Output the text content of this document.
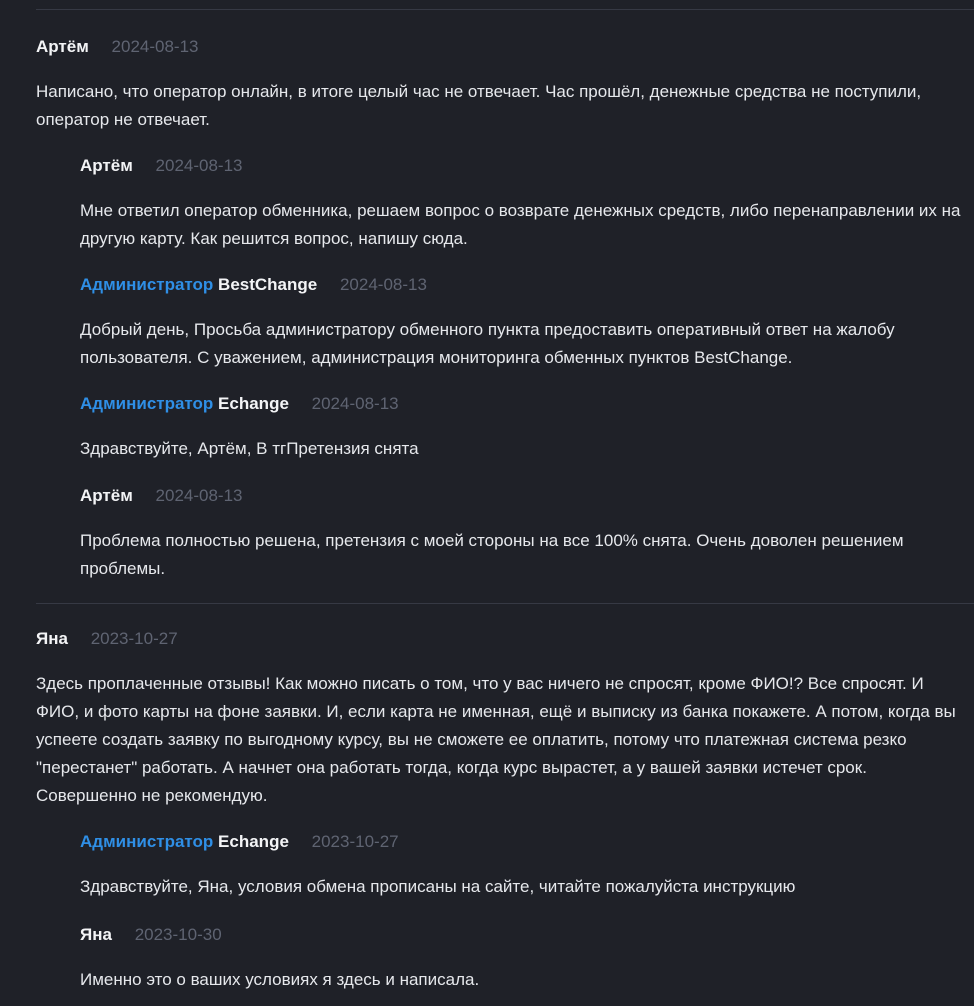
Артём 2024-08-13
Написано, что оператор онлайн, в итоге целый час не отвечает. Час прошёл, денежные средства не поступили, оператор не отвечает.
Артём 2024-08-13
Мне ответил оператор обменника, решаем вопрос о возврате денежных средств, либо перенаправлении их на другую карту. Как решится вопрос, напишу сюда.
Администратор BestChange 2024-08-13
Добрый день, Просьба администратору обменного пункта предоставить оперативный ответ на жалобу пользователя. С уважением, администрация мониторинга обменных пунктов BestChange.
Администратор Echange 2024-08-13
Здравствуйте, Артём, В тгПретензия снята
Артём 2024-08-13
Проблема полностью решена, претензия с моей стороны на все 100% снята. Очень доволен решением проблемы.
Яна 2023-10-27
Здесь проплаченные отзывы! Как можно писать о том, что у вас ничего не спросят, кроме ФИО!? Все спросят. И ФИО, и фото карты на фоне заявки. И, если карта не именная, ещё и выписку из банка покажете. А потом, когда вы успеете создать заявку по выгодному курсу, вы не сможете ее оплатить, потому что платежная система резко "перестанет" работать. А начнет она работать тогда, когда курс вырастет, а у вашей заявки истечет срок. Совершенно не рекомендую.
Администратор Echange 2023-10-27
Здравствуйте, Яна, условия обмена прописаны на сайте, читайте пожалуйста инструкцию
Яна 2023-10-30
Именно это о ваших условиях я здесь и написала.
